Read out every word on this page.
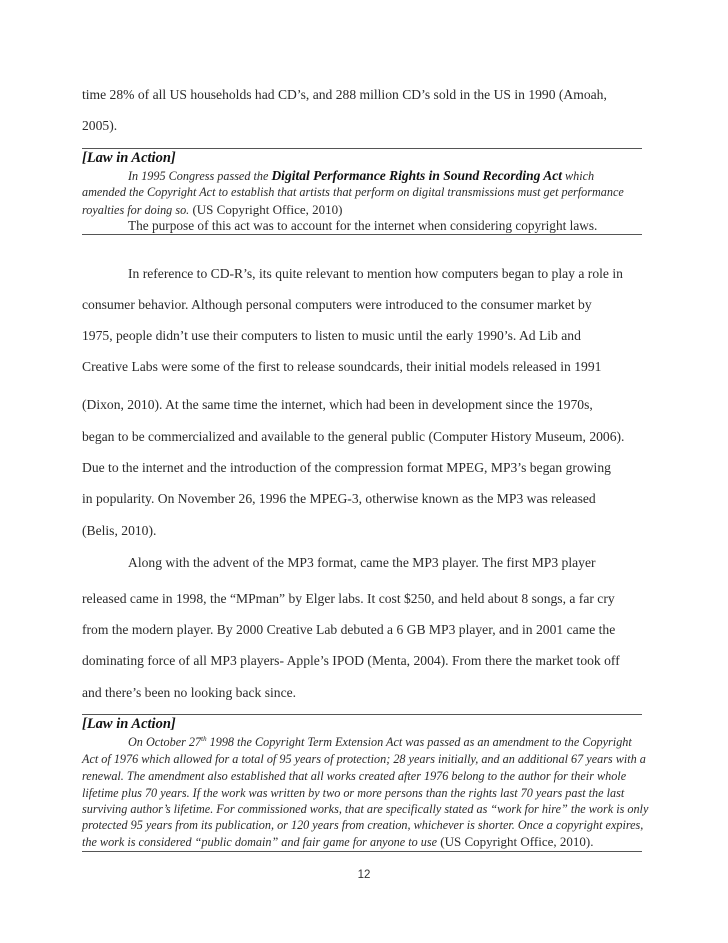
time 28% of all US households had CD’s, and 288 million CD’s sold in the US in 1990 (Amoah,
2005).
[Law in Action]
In 1995 Congress passed the Digital Performance Rights in Sound Recording Act which
amended the Copyright Act to establish that artists that perform on digital transmissions must get performance
royalties for doing so. (US Copyright Office, 2010)
The purpose of this act was to account for the internet when considering copyright laws.
In reference to CD-R’s, its quite relevant to mention how computers began to play a role in
consumer behavior. Although personal computers were introduced to the consumer market by
1975, people didn’t use their computers to listen to music until the early 1990’s. Ad Lib and
Creative Labs were some of the first to release soundcards, their initial models released in 1991
(Dixon, 2010). At the same time the internet, which had been in development since the 1970s,
began to be commercialized and available to the general public (Computer History Museum, 2006).
Due to the internet and the introduction of the compression format MPEG, MP3’s began growing
in popularity. On November 26, 1996 the MPEG-3, otherwise known as the MP3 was released
(Belis, 2010).
Along with the advent of the MP3 format, came the MP3 player. The first MP3 player
released came in 1998, the “MPman” by Elger labs. It cost $250, and held about 8 songs, a far cry
from the modern player. By 2000 Creative Lab debuted a 6 GB MP3 player, and in 2001 came the
dominating force of all MP3 players- Apple’s IPOD (Menta, 2004). From there the market took off
and there’s been no looking back since.
[Law in Action]
On October 27th 1998 the Copyright Term Extension Act was passed as an amendment to the Copyright
Act of 1976 which allowed for a total of 95 years of protection; 28 years initially, and an additional 67 years with a
renewal. The amendment also established that all works created after 1976 belong to the author for their whole
lifetime plus 70 years. If the work was written by two or more persons than the rights last 70 years past the last
surviving author’s lifetime. For commissioned works, that are specifically stated as “work for hire” the work is only
protected 95 years from its publication, or 120 years from creation, whichever is shorter. Once a copyright expires,
the work is considered “public domain” and fair game for anyone to use (US Copyright Office, 2010).
12
